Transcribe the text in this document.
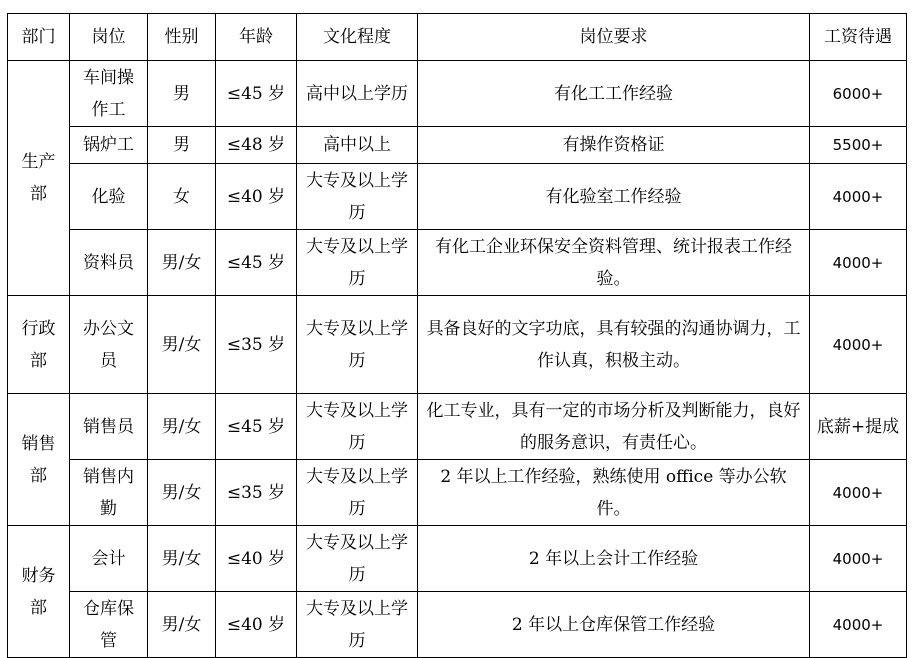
部门	岗位	性别	年龄	文化程度	岗位要求	工资待遇
生产部	车间操作工	男	≤45 岁	高中以上学历	有化工工作经验	6000+
	锅炉工	男	≤48 岁	高中以上	有操作资格证	5500+
	化验	女	≤40 岁	大专及以上学历	有化验室工作经验	4000+
	资料员	男/女	≤45 岁	大专及以上学历	有化工企业环保安全资料管理、统计报表工作经验。	4000+
行政部	办公文员	男/女	≤35 岁	大专及以上学历	具备良好的文字功底，具有较强的沟通协调力，工作认真，积极主动。	4000+
销售部	销售员	男/女	≤45 岁	大专及以上学历	化工专业，具有一定的市场分析及判断能力，良好的服务意识，有责任心。	底薪+提成
	销售内勤	男/女	≤35 岁	大专及以上学历	2 年以上工作经验，熟练使用 office 等办公软件。	4000+
财务部	会计	男/女	≤40 岁	大专及以上学历	2 年以上会计工作经验	4000+
	仓库保管	男/女	≤40 岁	大专及以上学历	2 年以上仓库保管工作经验	4000+
